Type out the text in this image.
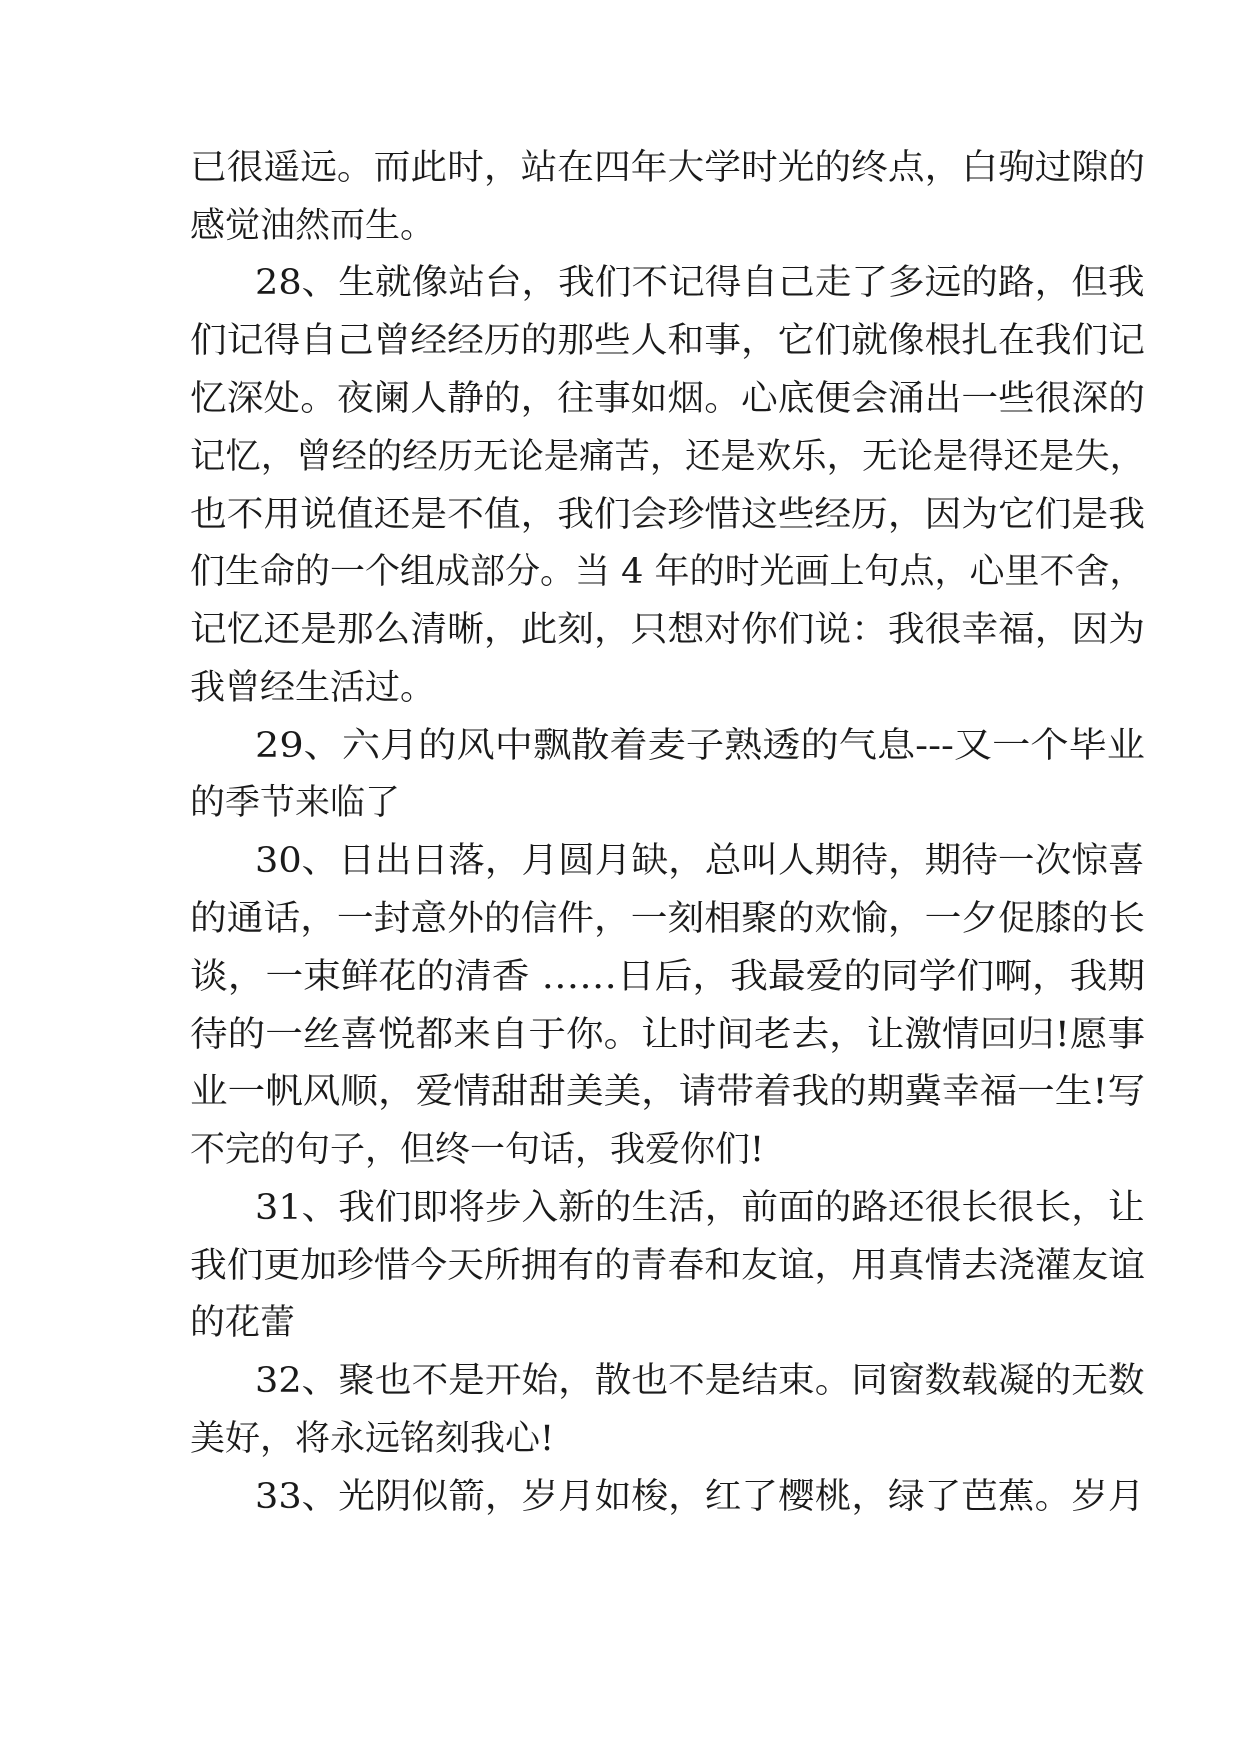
已很遥远。而此时，站在四年大学时光的终点，白驹过隙的
感觉油然而生。
28、生就像站台，我们不记得自己走了多远的路，但我
们记得自己曾经经历的那些人和事，它们就像根扎在我们记
忆深处。夜阑人静的，往事如烟。心底便会涌出一些很深的
记忆，曾经的经历无论是痛苦，还是欢乐，无论是得还是失，
也不用说值还是不值，我们会珍惜这些经历，因为它们是我
们生命的一个组成部分。当 4 年的时光画上句点，心里不舍，
记忆还是那么清晰，此刻，只想对你们说：我很幸福，因为
我曾经生活过。
29、六月的风中飘散着麦子熟透的气息---又一个毕业
的季节来临了
30、日出日落，月圆月缺，总叫人期待，期待一次惊喜
的通话，一封意外的信件，一刻相聚的欢愉，一夕促膝的长
谈，一束鲜花的清香 ……日后，我最爱的同学们啊，我期
待的一丝喜悦都来自于你。让时间老去，让激情回归!愿事
业一帆风顺，爱情甜甜美美，请带着我的期冀幸福一生!写
不完的句子，但终一句话，我爱你们!
31、我们即将步入新的生活，前面的路还很长很长，让
我们更加珍惜今天所拥有的青春和友谊，用真情去浇灌友谊
的花蕾
32、聚也不是开始，散也不是结束。同窗数载凝的无数
美好，将永远铭刻我心!
33、光阴似箭，岁月如梭，红了樱桃，绿了芭蕉。岁月
